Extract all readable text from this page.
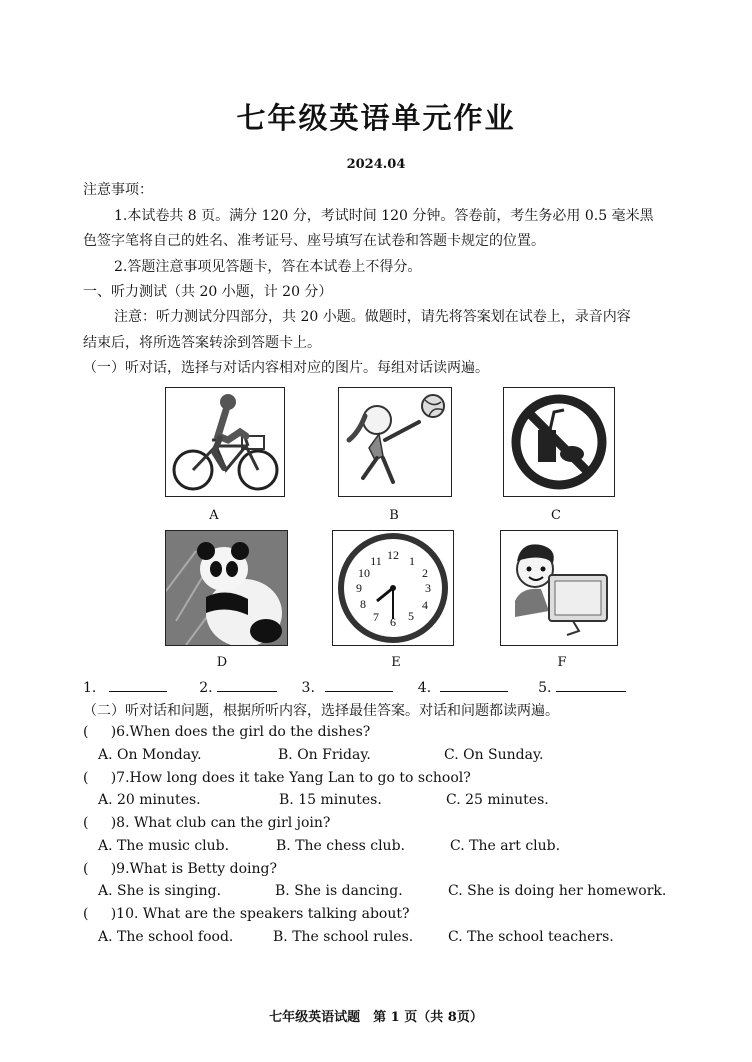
七年级英语单元作业
2024.04
注意事项：
1.本试卷共 8 页。满分 120 分，考试时间 120 分钟。答卷前，考生务必用 0.5 毫米黑
色签字笔将自己的姓名、准考证号、座号填写在试卷和答题卡规定的位置。
2.答题注意事项见答题卡，答在本试卷上不得分。
一、听力测试（共 20 小题，计 20 分）
注意：听力测试分四部分，共 20 小题。做题时，请先将答案划在试卷上，录音内容
结束后，将所选答案转涂到答题卡上。
（一）听对话，选择与对话内容相对应的图片。每组对话读两遍。
A	B	C
D
12 1
2
3
4
5
6
7
8
9
10
11
E	F
1.	2.	3.	4.	5.
（二）听对话和问题，根据所听内容，选择最佳答案。对话和问题都读两遍。
(     )6.When does the girl do the dishes?
A. On Monday.	B. On Friday.	C. On Sunday.
(     )7.How long does it take Yang Lan to go to school?
A. 20 minutes.	B. 15 minutes.	C. 25 minutes.
(     )8. What club can the girl join?
A. The music club.	B. The chess club.	C. The art club.
(     )9.What is Betty doing?
A. She is singing.	B. She is dancing.	C. She is doing her homework.
(     )10. What are the speakers talking about?
A. The school food.	B. The school rules. C. The school teachers.
七年级英语试题　第 1 页（共 8页）
